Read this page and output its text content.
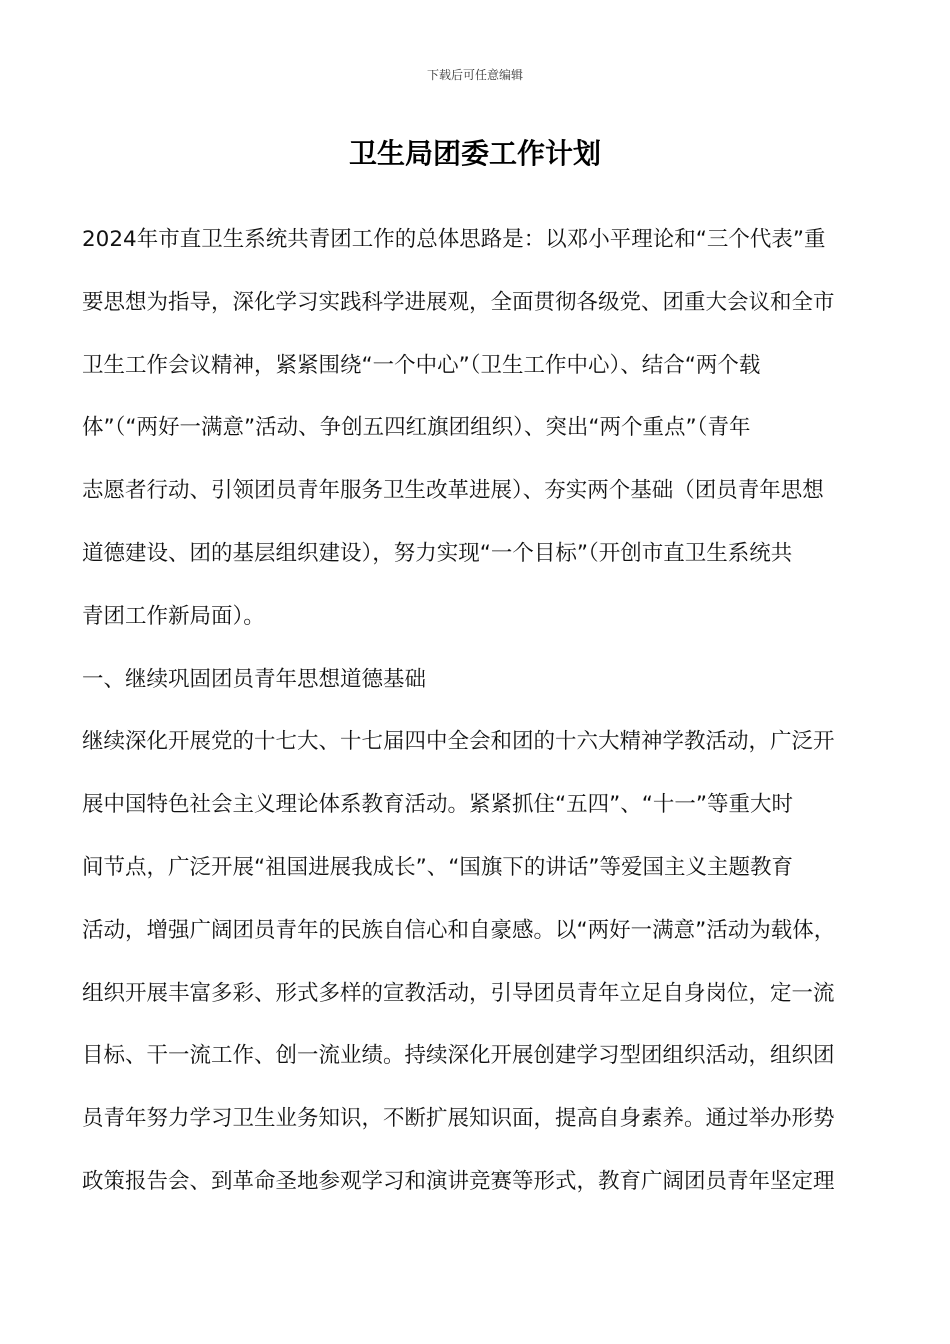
下载后可任意编辑
卫生局团委工作计划
2024年市直卫生系统共青团工作的总体思路是：以邓小平理论和“三个代表”重
要思想为指导，深化学习实践科学进展观，全面贯彻各级党、团重大会议和全市
卫生工作会议精神，紧紧围绕“一个中心”（卫生工作中心）、结合“两个载
体”（“两好一满意”活动、争创五四红旗团组织）、突出“两个重点”（青年
志愿者行动、引领团员青年服务卫生改革进展）、夯实两个基础（团员青年思想
道德建设、团的基层组织建设），努力实现“一个目标”（开创市直卫生系统共
青团工作新局面）。
一、继续巩固团员青年思想道德基础
继续深化开展党的十七大、十七届四中全会和团的十六大精神学教活动，广泛开
展中国特色社会主义理论体系教育活动。紧紧抓住“五四”、“十一”等重大时
间节点，广泛开展“祖国进展我成长”、“国旗下的讲话”等爱国主义主题教育
活动，增强广阔团员青年的民族自信心和自豪感。以“两好一满意”活动为载体，
组织开展丰富多彩、形式多样的宣教活动，引导团员青年立足自身岗位，定一流
目标、干一流工作、创一流业绩。持续深化开展创建学习型团组织活动，组织团
员青年努力学习卫生业务知识，不断扩展知识面，提高自身素养。通过举办形势
政策报告会、到革命圣地参观学习和演讲竞赛等形式，教育广阔团员青年坚定理
